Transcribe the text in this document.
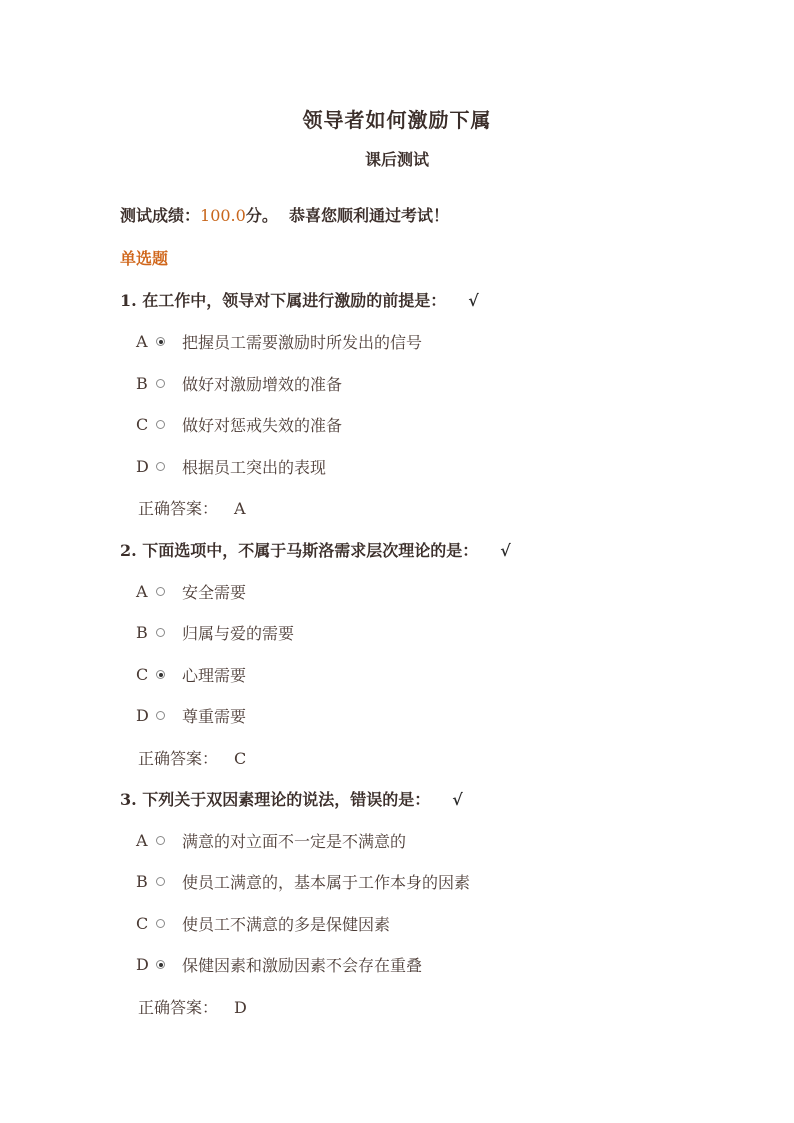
领导者如何激励下属
课后测试
测试成绩：100.0分。 恭喜您顺利通过考试！
单选题
1. 在工作中，领导对下属进行激励的前提是： √
A 把握员工需要激励时所发出的信号
B 做好对激励增效的准备
C 做好对惩戒失效的准备
D 根据员工突出的表现
正确答案： A
2. 下面选项中，不属于马斯洛需求层次理论的是： √
A 安全需要
B 归属与爱的需要
C 心理需要
D 尊重需要
正确答案： C
3. 下列关于双因素理论的说法，错误的是： √
A 满意的对立面不一定是不满意的
B 使员工满意的，基本属于工作本身的因素
C 使员工不满意的多是保健因素
D 保健因素和激励因素不会存在重叠
正确答案： D
